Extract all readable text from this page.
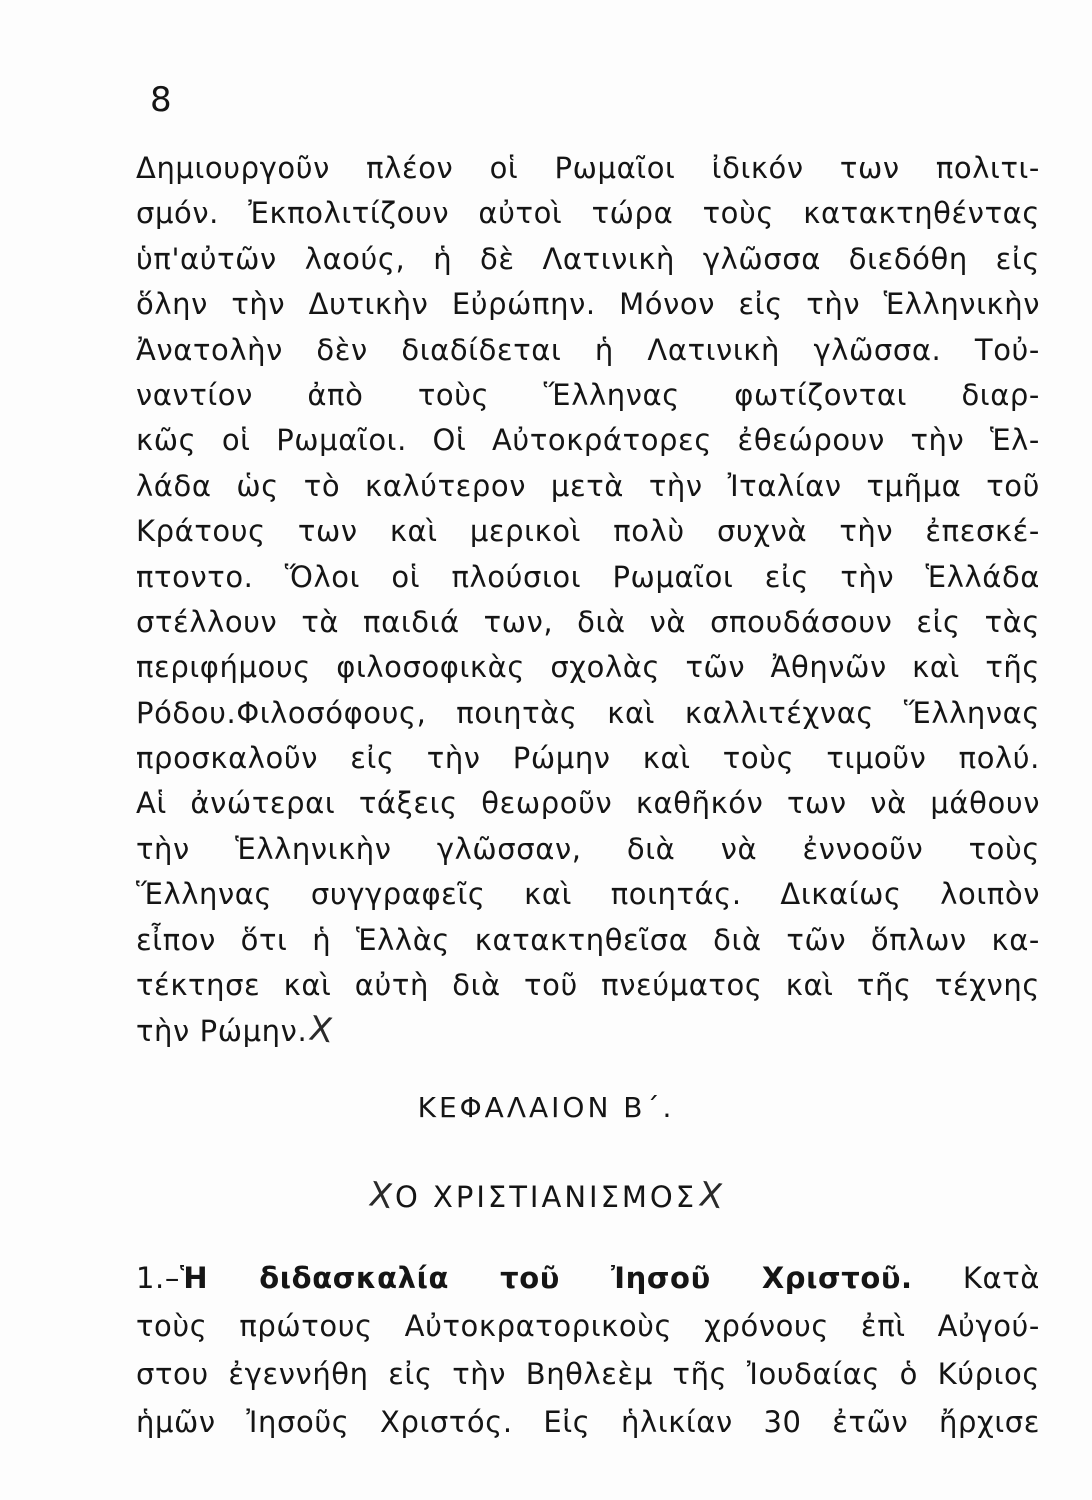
8
Δημιουργοῦν πλέον οἱ Ρωμαῖοι ἰδικόν των πολιτι-
σμόν. Ἐκπολιτίζουν αὐτοὶ τώρα τοὺς κατακτηθέντας
ὑπ'αὐτῶν λαούς, ἡ δὲ Λατινικὴ γλῶσσα διεδόθη εἰς
ὅλην τὴν Δυτικὴν Εὐρώπην. Μόνον εἰς τὴν Ἑλληνικὴν
Ἀνατολὴν δὲν διαδίδεται ἡ Λατινικὴ γλῶσσα. Τοὐ-
ναντίον ἀπὸ τοὺς Ἕλληνας φωτίζονται διαρ-
κῶς οἱ Ρωμαῖοι. Οἱ Αὐτοκράτορες ἐθεώρουν τὴν Ἑλ-
λάδα ὡς τὸ καλύτερον μετὰ τὴν Ἰταλίαν τμῆμα τοῦ
Κράτους των καὶ μερικοὶ πολὺ συχνὰ τὴν ἐπεσκέ-
πτοντο. Ὅλοι οἱ πλούσιοι Ρωμαῖοι εἰς τὴν Ἑλλάδα
στέλλουν τὰ παιδιά των, διὰ νὰ σπουδάσουν εἰς τὰς
περιφήμους φιλοσοφικὰς σχολὰς τῶν Ἀθηνῶν καὶ τῆς
Ρόδου.Φιλοσόφους, ποιητὰς καὶ καλλιτέχνας Ἕλληνας
προσκαλοῦν εἰς τὴν Ρώμην καὶ τοὺς τιμοῦν πολύ.
Αἱ ἀνώτεραι τάξεις θεωροῦν καθῆκόν των νὰ μάθουν
τὴν Ἑλληνικὴν γλῶσσαν, διὰ νὰ ἐννοοῦν τοὺς
Ἕλληνας συγγραφεῖς καὶ ποιητάς. Δικαίως λοιπὸν
εἶπον ὅτι ἡ Ἑλλὰς κατακτηθεῖσα διὰ τῶν ὅπλων κα-
τέκτησε καὶ αὐτὴ διὰ τοῦ πνεύματος καὶ τῆς τέχνης
τὴν Ρώμην.X
ΚΕΦΑΛΑΙΟΝ Β΄.
XΟ ΧΡΙΣΤΙΑΝΙΣΜΟΣX
1.–Ἡ διδασκαλία τοῦ Ἰησοῦ Χριστοῦ. Κατὰ
τοὺς πρώτους Αὐτοκρατορικοὺς χρόνους ἐπὶ Αὐγού-
στου ἐγεννήθη εἰς τὴν Βηθλεὲμ τῆς Ἰουδαίας ὁ Κύριος
ἡμῶν Ἰησοῦς Χριστός. Εἰς ἡλικίαν 30 ἐτῶν ἤρχισε
